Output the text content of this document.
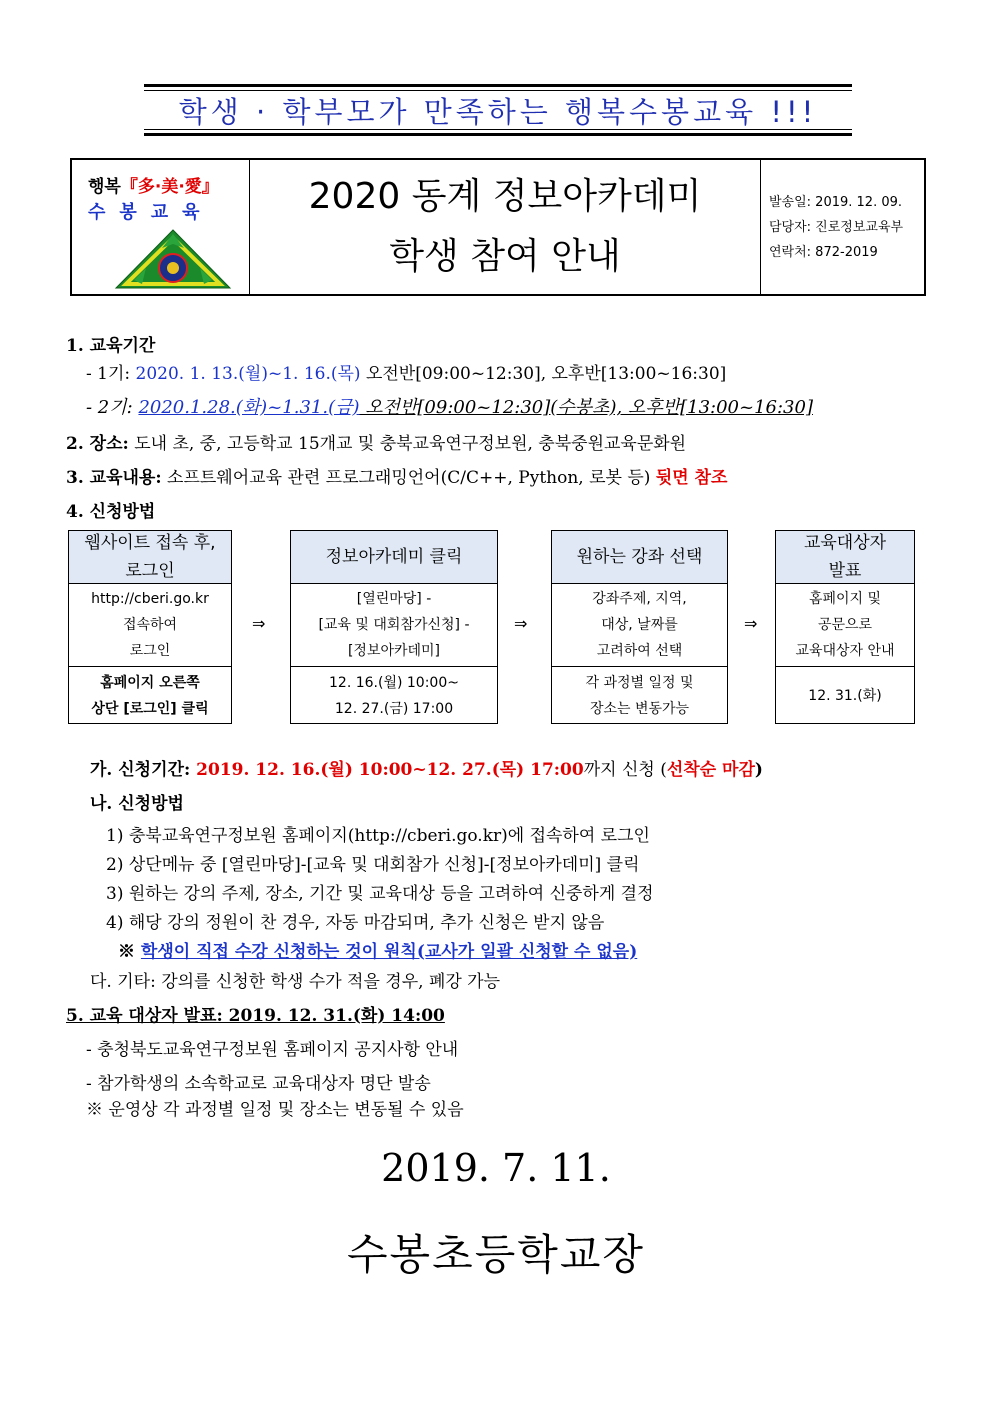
학생 · 학부모가 만족하는 행복수봉교육 !!!
행복『多·美·愛』
수봉교육	2020 동계 정보아카데미
학생 참여 안내
발송일: 2019. 12. 09.
담당자: 진로정보교육부
연락처: 872-2019
1. 교육기간
- 1기: 2020. 1. 13.(월)~1. 16.(목) 오전반[09:00~12:30], 오후반[13:00~16:30]
- 2기: 2020.1.28.(화)~1.31.(금) 오전반[09:00~12:30](수봉초), 오후반[13:00~16:30]
2. 장소: 도내 초, 중, 고등학교 15개교 및 충북교육연구정보원, 충북중원교육문화원
3. 교육내용: 소프트웨어교육 관련 프로그래밍언어(C/C++, Python, 로봇 등) 뒷면 참조
4. 신청방법
웹사이트 접속 후, 로그인
http://cberi.go.kr
접속하여
로그인
홈페이지 오른쪽
상단 [로그인] 클릭
⇒
정보아카데미 클릭
[열린마당] -
[교육 및 대회참가신청] -
[정보아카데미]
12. 16.(월) 10:00~
12. 27.(금) 17:00
⇒
원하는 강좌 선택
강좌주제, 지역,
대상, 날짜를
고려하여 선택
각 과정별 일정 및
장소는 변동가능
⇒
교육대상자 발표
홈페이지 및
공문으로
교육대상자 안내
12. 31.(화)
가. 신청기간: 2019. 12. 16.(월) 10:00~12. 27.(목) 17:00까지 신청 (선착순 마감)
나. 신청방법
1) 충북교육연구정보원 홈페이지(http://cberi.go.kr)에 접속하여 로그인
2) 상단메뉴 중 [열린마당]-[교육 및 대회참가 신청]-[정보아카데미] 클릭
3) 원하는 강의 주제, 장소, 기간 및 교육대상 등을 고려하여 신중하게 결정
4) 해당 강의 정원이 찬 경우, 자동 마감되며, 추가 신청은 받지 않음
※ 학생이 직접 수강 신청하는 것이 원칙(교사가 일괄 신청할 수 없음)
다. 기타: 강의를 신청한 학생 수가 적을 경우, 폐강 가능
5. 교육 대상자 발표: 2019. 12. 31.(화) 14:00
- 충청북도교육연구정보원 홈페이지 공지사항 안내
- 참가학생의 소속학교로 교육대상자 명단 발송
※ 운영상 각 과정별 일정 및 장소는 변동될 수 있음
2019. 7. 11.
수봉초등학교장
